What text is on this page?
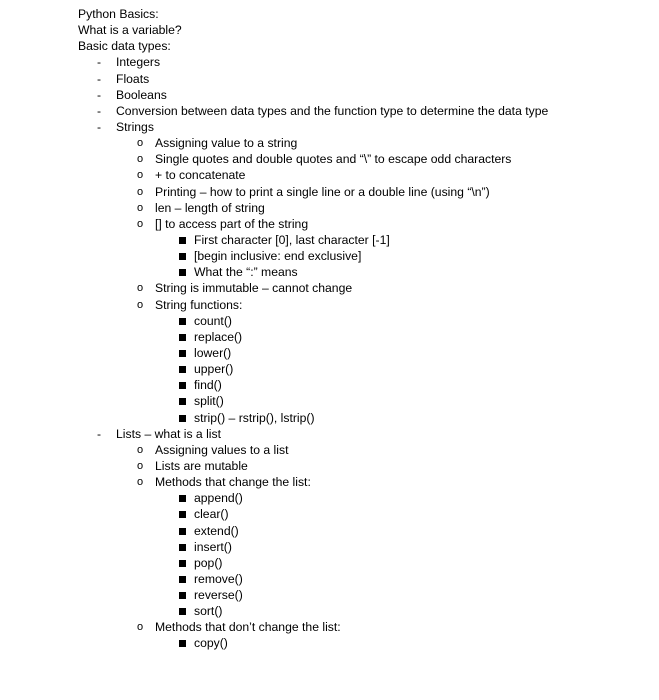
Python Basics:
What is a variable?
Basic data types:
- Integers
- Floats
- Booleans
- Conversion between data types and the function type to determine the data type
- Strings
o Assigning value to a string
o Single quotes and double quotes and “\” to escape odd characters
o + to concatenate
o Printing – how to print a single line or a double line (using “\n”)
o len – length of string
o [] to access part of the string
First character [0], last character [-1]
[begin inclusive: end exclusive]
What the “:” means
o String is immutable – cannot change
o String functions:
count()
replace()
lower()
upper()
find()
split()
strip() – rstrip(), lstrip()
- Lists – what is a list
o Assigning values to a list
o Lists are mutable
o Methods that change the list:
append()
clear()
extend()
insert()
pop()
remove()
reverse()
sort()
o Methods that don’t change the list:
copy()
